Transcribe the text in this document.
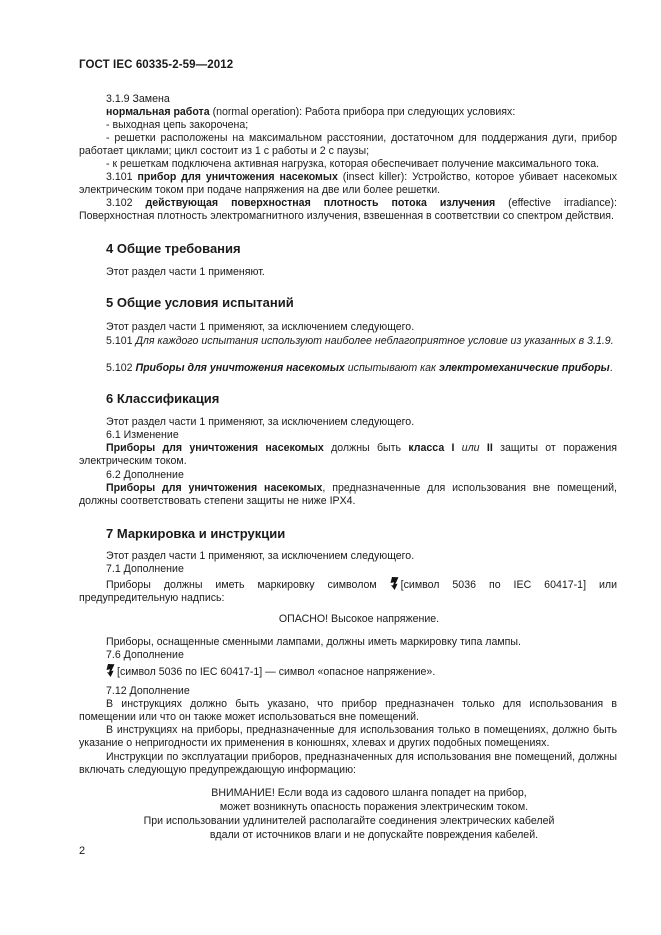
ГОСТ IEC 60335-2-59—2012
3.1.9 Замена
нормальная работа (normal operation): Работа прибора при следующих условиях:
- выходная цепь закорочена;
- решетки расположены на максимальном расстоянии, достаточном для поддержания дуги, прибор работает циклами; цикл состоит из 1 с работы и 2 с паузы;
- к решеткам подключена активная нагрузка, которая обеспечивает получение максимального тока.
3.101 прибор для уничтожения насекомых (insect killer): Устройство, которое убивает насекомых электрическим током при подаче напряжения на две или более решетки.
3.102 действующая поверхностная плотность потока излучения (effective irradiance): Поверхностная плотность электромагнитного излучения, взвешенная в соответствии со спектром действия.
4 Общие требования
Этот раздел части 1 применяют.
5 Общие условия испытаний
Этот раздел части 1 применяют, за исключением следующего.
5.101 Для каждого испытания используют наиболее неблагоприятное условие из указанных в 3.1.9.
5.102 Приборы для уничтожения насекомых испытывают как электромеханические приборы.
6 Классификация
Этот раздел части 1 применяют, за исключением следующего.
6.1 Изменение
Приборы для уничтожения насекомых должны быть класса I или II защиты от поражения электрическим током.
6.2 Дополнение
Приборы для уничтожения насекомых, предназначенные для использования вне помещений, должны соответствовать степени защиты не ниже IPX4.
7 Маркировка и инструкции
Этот раздел части 1 применяют, за исключением следующего.
7.1 Дополнение
Приборы должны иметь маркировку символом [символ 5036 по IEC 60417-1] или предупредительную надпись:
ОПАСНО! Высокое напряжение.
Приборы, оснащенные сменными лампами, должны иметь маркировку типа лампы.
7.6 Дополнение
[символ 5036 по IEC 60417-1] — символ «опасное напряжение».
7.12 Дополнение
В инструкциях должно быть указано, что прибор предназначен только для использования в помещении или что он также может использоваться вне помещений.
В инструкциях на приборы, предназначенные для использования только в помещениях, должно быть указание о непригодности их применения в конюшнях, хлевах и других подобных помещениях.
Инструкции по эксплуатации приборов, предназначенных для использования вне помещений, должны включать следующую предупреждающую информацию:
ВНИМАНИЕ! Если вода из садового шланга попадет на прибор,
может возникнуть опасность поражения электрическим током.
При использовании удлинителей располагайте соединения электрических кабелей
вдали от источников влаги и не допускайте повреждения кабелей.
2
